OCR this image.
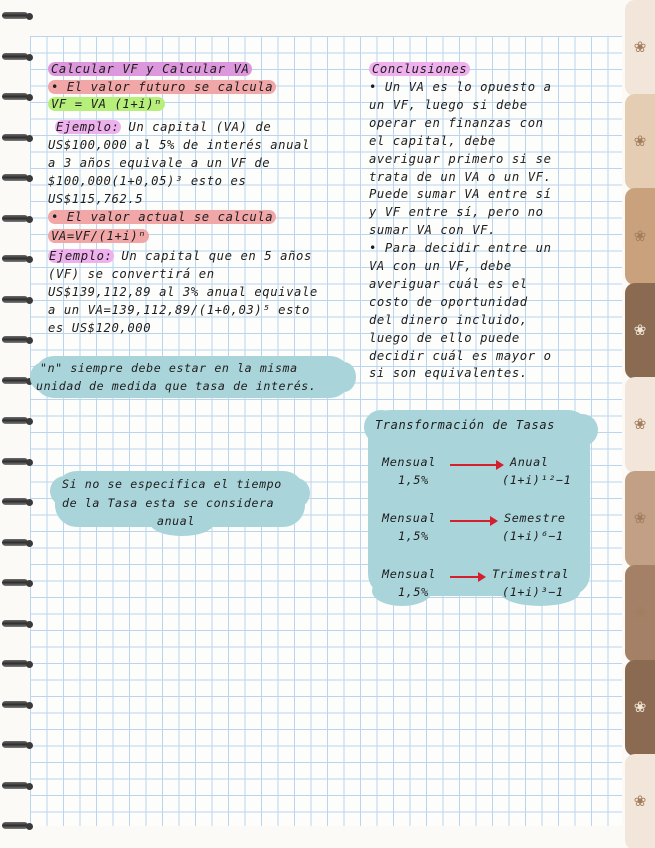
❀
❀
❀
❀
❀
❀
❀
❀
❀
Calcular VF y Calcular VA
• El valor futuro se calcula
VF = VA (1+i)ⁿ
Ejemplo: Un capital (VA) de
US$100,000 al 5% de interés anual
a 3 años equivale a un VF de
$100,000(1+0,05)³ esto es
US$115,762.5
• El valor actual se calcula
VA=VF/(1+i)ⁿ
Ejemplo: Un capital que en 5 años
(VF) se convertirá en
US$139,112,89 al 3% anual equivale
a un VA=139,112,89/(1+0,03)⁵ esto
es US$120,000
"n" siempre debe estar en la misma
unidad de medida que tasa de interés.
Si no se especifica el tiempo
de la Tasa esta se considera
anual
Conclusiones
• Un VA es lo opuesto a
un VF, luego si debe
operar en finanzas con
el capital, debe
averiguar primero si se
trata de un VA o un VF.
Puede sumar VA entre sí
y VF entre sí, pero no
sumar VA con VF.
• Para decidir entre un
VA con un VF, debe
averiguar cuál es el
costo de oportunidad
del dinero incluido,
luego de ello puede
decidir cuál es mayor o
si son equivalentes.
Transformación de Tasas
Mensual
1,5%
Anual
(1+i)¹²−1
Mensual
1,5%
Semestre
(1+i)⁶−1
Mensual
1,5%
Trimestral
(1+i)³−1
